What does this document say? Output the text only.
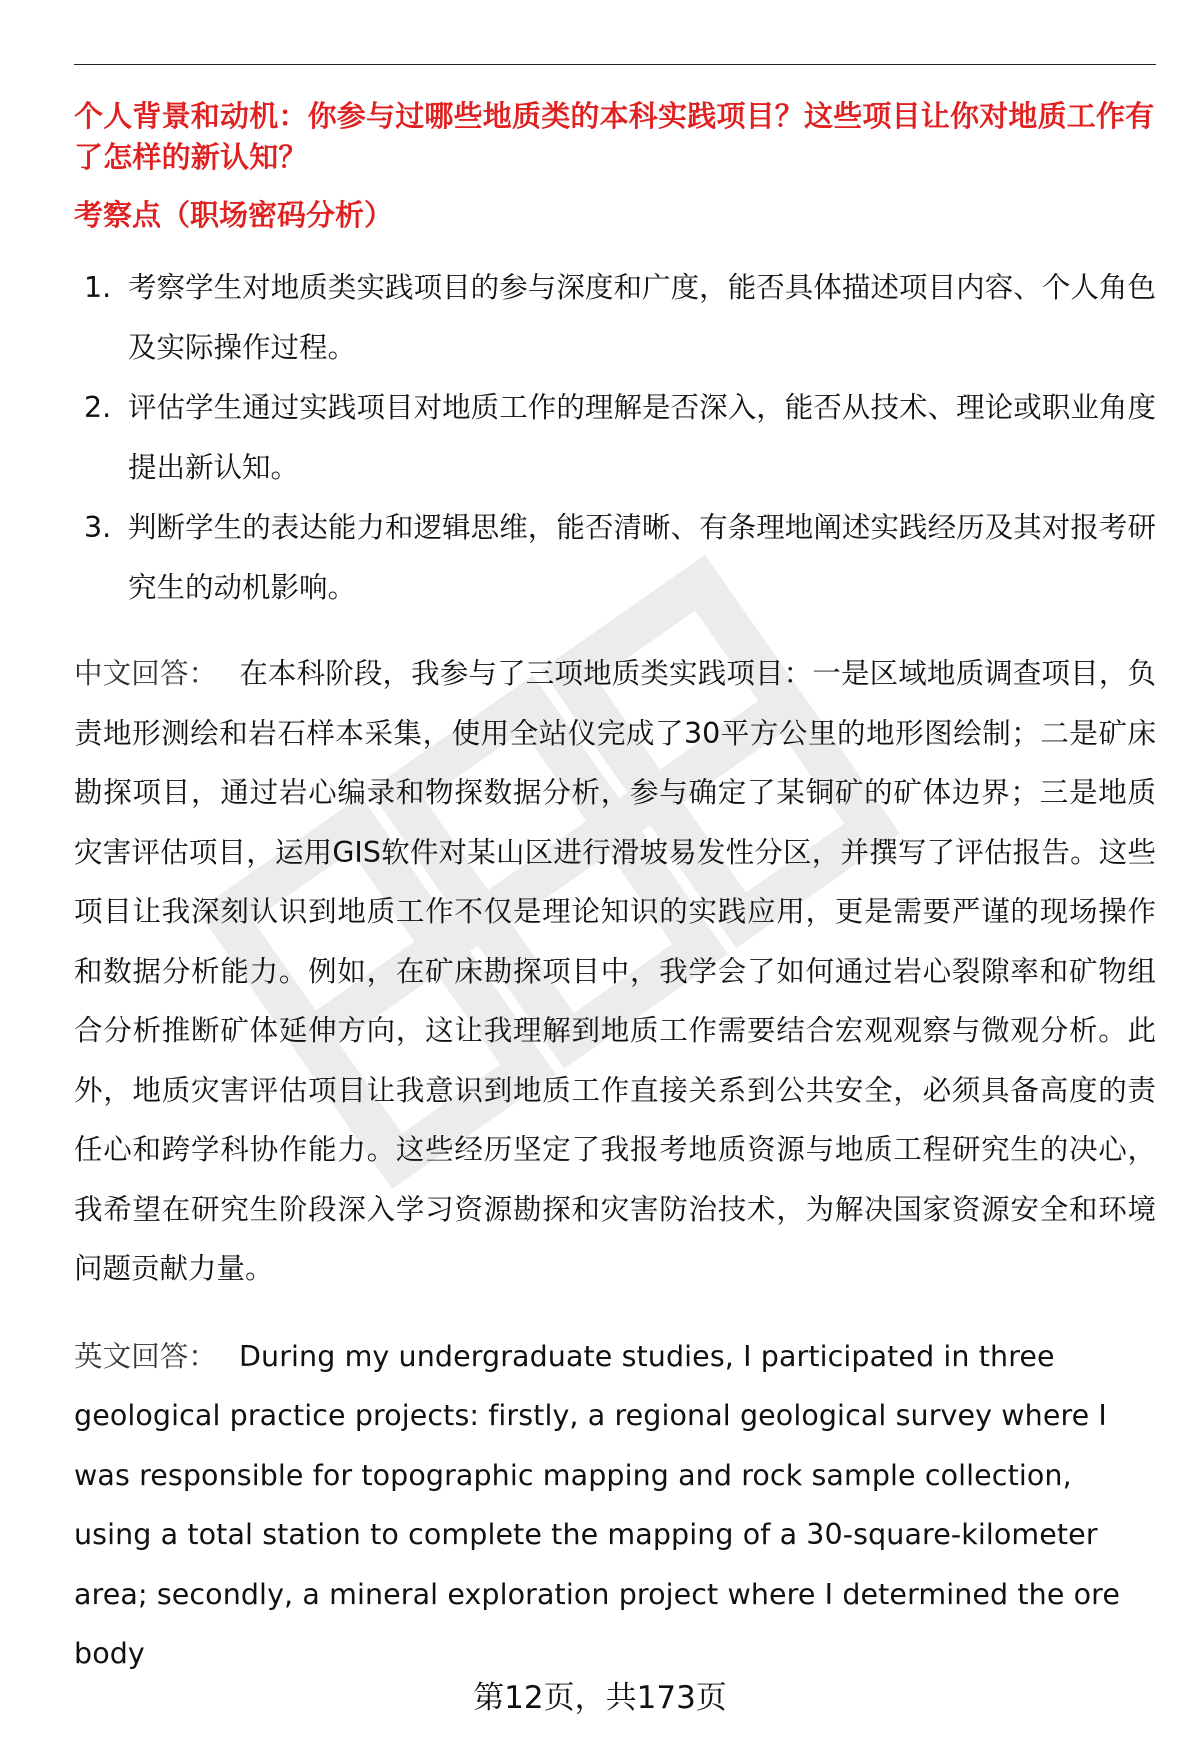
个人背景和动机：你参与过哪些地质类的本科实践项目？这些项目让你对地质工作有了怎样的新认知？

考察点（职场密码分析）

1. 考察学生对地质类实践项目的参与深度和广度，能否具体描述项目内容、个人角色及实际操作过程。
2. 评估学生通过实践项目对地质工作的理解是否深入，能否从技术、理论或职业角度提出新认知。
3. 判断学生的表达能力和逻辑思维，能否清晰、有条理地阐述实践经历及其对报考研究生的动机影响。

中文回答： 在本科阶段，我参与了三项地质类实践项目：一是区域地质调查项目，负责地形测绘和岩石样本采集，使用全站仪完成了30平方公里的地形图绘制；二是矿床勘探项目，通过岩心编录和物探数据分析，参与确定了某铜矿的矿体边界；三是地质灾害评估项目，运用GIS软件对某山区进行滑坡易发性分区，并撰写了评估报告。这些项目让我深刻认识到地质工作不仅是理论知识的实践应用，更是需要严谨的现场操作和数据分析能力。例如，在矿床勘探项目中，我学会了如何通过岩心裂隙率和矿物组合分析推断矿体延伸方向，这让我理解到地质工作需要结合宏观观察与微观分析。此外，地质灾害评估项目让我意识到地质工作直接关系到公共安全，必须具备高度的责任心和跨学科协作能力。这些经历坚定了我报考地质资源与地质工程研究生的决心，我希望在研究生阶段深入学习资源勘探和灾害防治技术，为解决国家资源安全和环境问题贡献力量。

英文回答： During my undergraduate studies, I participated in three geological practice projects: firstly, a regional geological survey where I was responsible for topographic mapping and rock sample collection, using a total station to complete the mapping of a 30-square-kilometer area; secondly, a mineral exploration project where I determined the ore body

第12页，共173页
